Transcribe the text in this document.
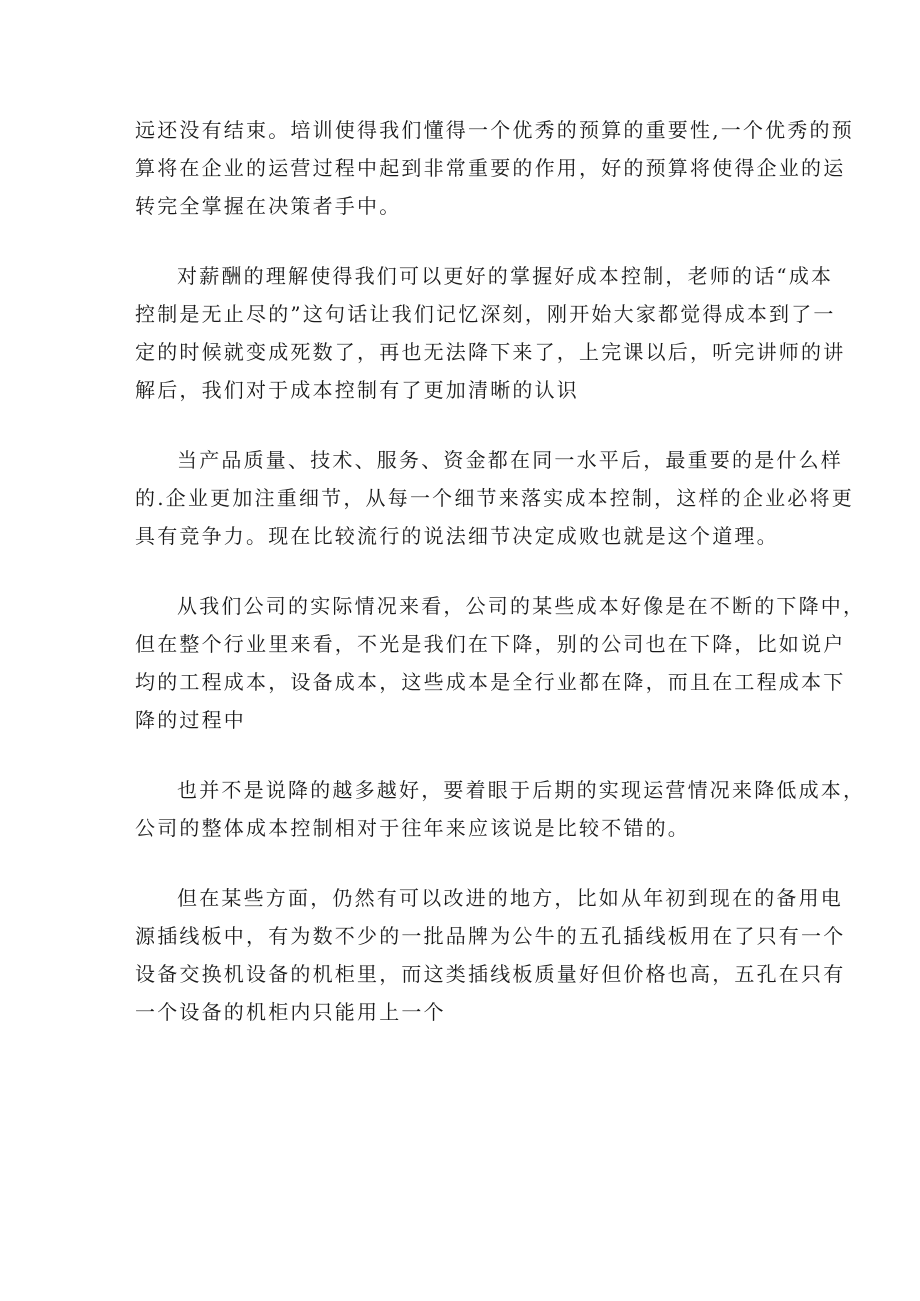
远还没有结束。培训使得我们懂得一个优秀的预算的重要性,一个优秀的预
算将在企业的运营过程中起到非常重要的作用，好的预算将使得企业的运
转完全掌握在决策者手中。

对薪酬的理解使得我们可以更好的掌握好成本控制，老师的话“成本
控制是无止尽的”这句话让我们记忆深刻，刚开始大家都觉得成本到了一
定的时候就变成死数了，再也无法降下来了，上完课以后，听完讲师的讲
解后，我们对于成本控制有了更加清晰的认识

当产品质量、技术、服务、资金都在同一水平后，最重要的是什么样
的.企业更加注重细节，从每一个细节来落实成本控制，这样的企业必将更
具有竞争力。现在比较流行的说法细节决定成败也就是这个道理。

从我们公司的实际情况来看，公司的某些成本好像是在不断的下降中，
但在整个行业里来看，不光是我们在下降，别的公司也在下降，比如说户
均的工程成本，设备成本，这些成本是全行业都在降，而且在工程成本下
降的过程中

也并不是说降的越多越好，要着眼于后期的实现运营情况来降低成本，
公司的整体成本控制相对于往年来应该说是比较不错的。

但在某些方面，仍然有可以改进的地方，比如从年初到现在的备用电
源插线板中，有为数不少的一批品牌为公牛的五孔插线板用在了只有一个
设备交换机设备的机柜里，而这类插线板质量好但价格也高，五孔在只有
一个设备的机柜内只能用上一个
